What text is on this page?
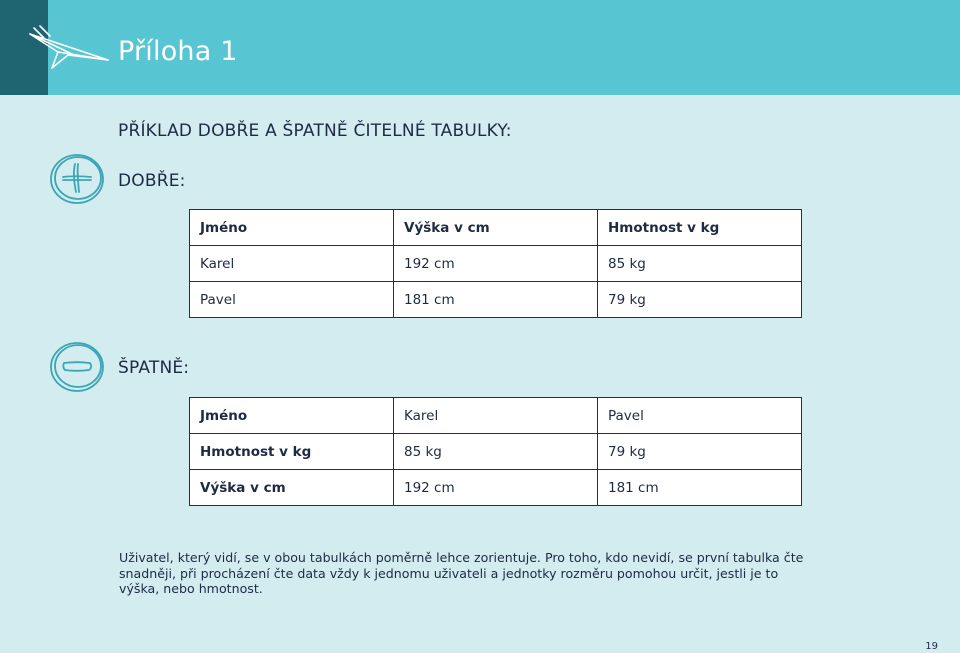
Příloha 1
PŘÍKLAD DOBŘE A ŠPATNĚ ČITELNÉ TABULKY:
DOBŘE:
Jméno	Výška v cm	Hmotnost v kg
Karel	192 cm	85 kg
Pavel	181 cm	79 kg
ŠPATNĚ:
Jméno	Karel	Pavel
Hmotnost v kg	85 kg	79 kg
Výška v cm	192 cm	181 cm

Uživatel, který vidí, se v obou tabulkách poměrně lehce zorientuje. Pro toho, kdo nevidí, se první tabulka čte snadněji, při procházení čte data vždy k jednomu uživateli a jednotky rozměru pomohou určit, jestli je to výška, nebo hmotnost.

19
